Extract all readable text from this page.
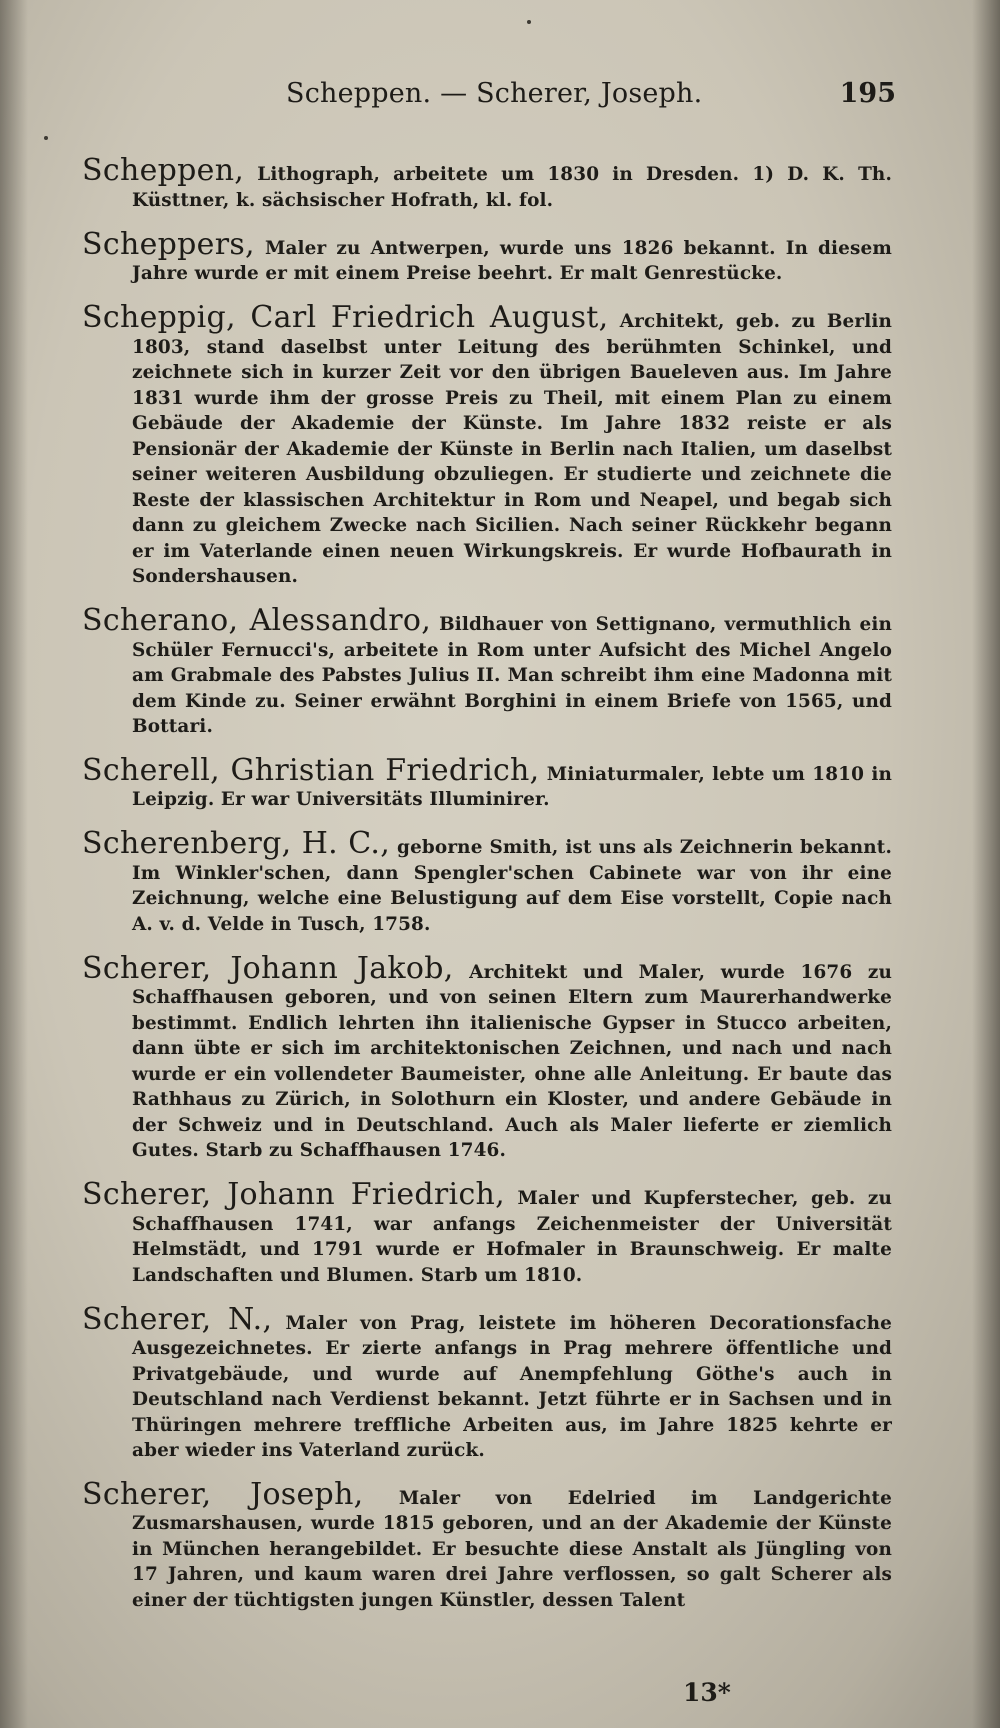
Scheppen. — Scherer, Joseph.	195

Scheppen, Lithograph, arbeitete um 1830 in Dresden. 1) D. K. Th. Küsttner, k. sächsischer Hofrath, kl. fol.

Scheppers, Maler zu Antwerpen, wurde uns 1826 bekannt. In diesem Jahre wurde er mit einem Preise beehrt. Er malt Genrestücke.

Scheppig, Carl Friedrich August, Architekt, geb. zu Berlin 1803, stand daselbst unter Leitung des berühmten Schinkel, und zeichnete sich in kurzer Zeit vor den übrigen Baueleven aus. Im Jahre 1831 wurde ihm der grosse Preis zu Theil, mit einem Plan zu einem Gebäude der Akademie der Künste. Im Jahre 1832 reiste er als Pensionär der Akademie der Künste in Berlin nach Italien, um daselbst seiner weiteren Ausbildung obzuliegen. Er studierte und zeichnete die Reste der klassischen Architektur in Rom und Neapel, und begab sich dann zu gleichem Zwecke nach Sicilien. Nach seiner Rückkehr begann er im Vaterlande einen neuen Wirkungskreis. Er wurde Hofbaurath in Sondershausen.

Scherano, Alessandro, Bildhauer von Settignano, vermuthlich ein Schüler Fernucci's, arbeitete in Rom unter Aufsicht des Michel Angelo am Grabmale des Pabstes Julius II. Man schreibt ihm eine Madonna mit dem Kinde zu. Seiner erwähnt Borghini in einem Briefe von 1565, und Bottari.

Scherell, Ghristian Friedrich, Miniaturmaler, lebte um 1810 in Leipzig. Er war Universitäts Illuminirer.

Scherenberg, H. C., geborne Smith, ist uns als Zeichnerin bekannt. Im Winkler'schen, dann Spengler'schen Cabinete war von ihr eine Zeichnung, welche eine Belustigung auf dem Eise vorstellt, Copie nach A. v. d. Velde in Tusch, 1758.

Scherer, Johann Jakob, Architekt und Maler, wurde 1676 zu Schaffhausen geboren, und von seinen Eltern zum Maurerhandwerke bestimmt. Endlich lehrten ihn italienische Gypser in Stucco arbeiten, dann übte er sich im architektonischen Zeichnen, und nach und nach wurde er ein vollendeter Baumeister, ohne alle Anleitung. Er baute das Rathhaus zu Zürich, in Solothurn ein Kloster, und andere Gebäude in der Schweiz und in Deutschland. Auch als Maler lieferte er ziemlich Gutes. Starb zu Schaffhausen 1746.

Scherer, Johann Friedrich, Maler und Kupferstecher, geb. zu Schaffhausen 1741, war anfangs Zeichenmeister der Universität Helmstädt, und 1791 wurde er Hofmaler in Braunschweig. Er malte Landschaften und Blumen. Starb um 1810.

Scherer, N., Maler von Prag, leistete im höheren Decorationsfache Ausgezeichnetes. Er zierte anfangs in Prag mehrere öffentliche und Privatgebäude, und wurde auf Anempfehlung Göthe's auch in Deutschland nach Verdienst bekannt. Jetzt führte er in Sachsen und in Thüringen mehrere treffliche Arbeiten aus, im Jahre 1825 kehrte er aber wieder ins Vaterland zurück.

Scherer, Joseph, Maler von Edelried im Landgerichte Zusmarshausen, wurde 1815 geboren, und an der Akademie der Künste in München herangebildet. Er besuchte diese Anstalt als Jüngling von 17 Jahren, und kaum waren drei Jahre verflossen, so galt Scherer als einer der tüchtigsten jungen Künstler, dessen Talent

13*
